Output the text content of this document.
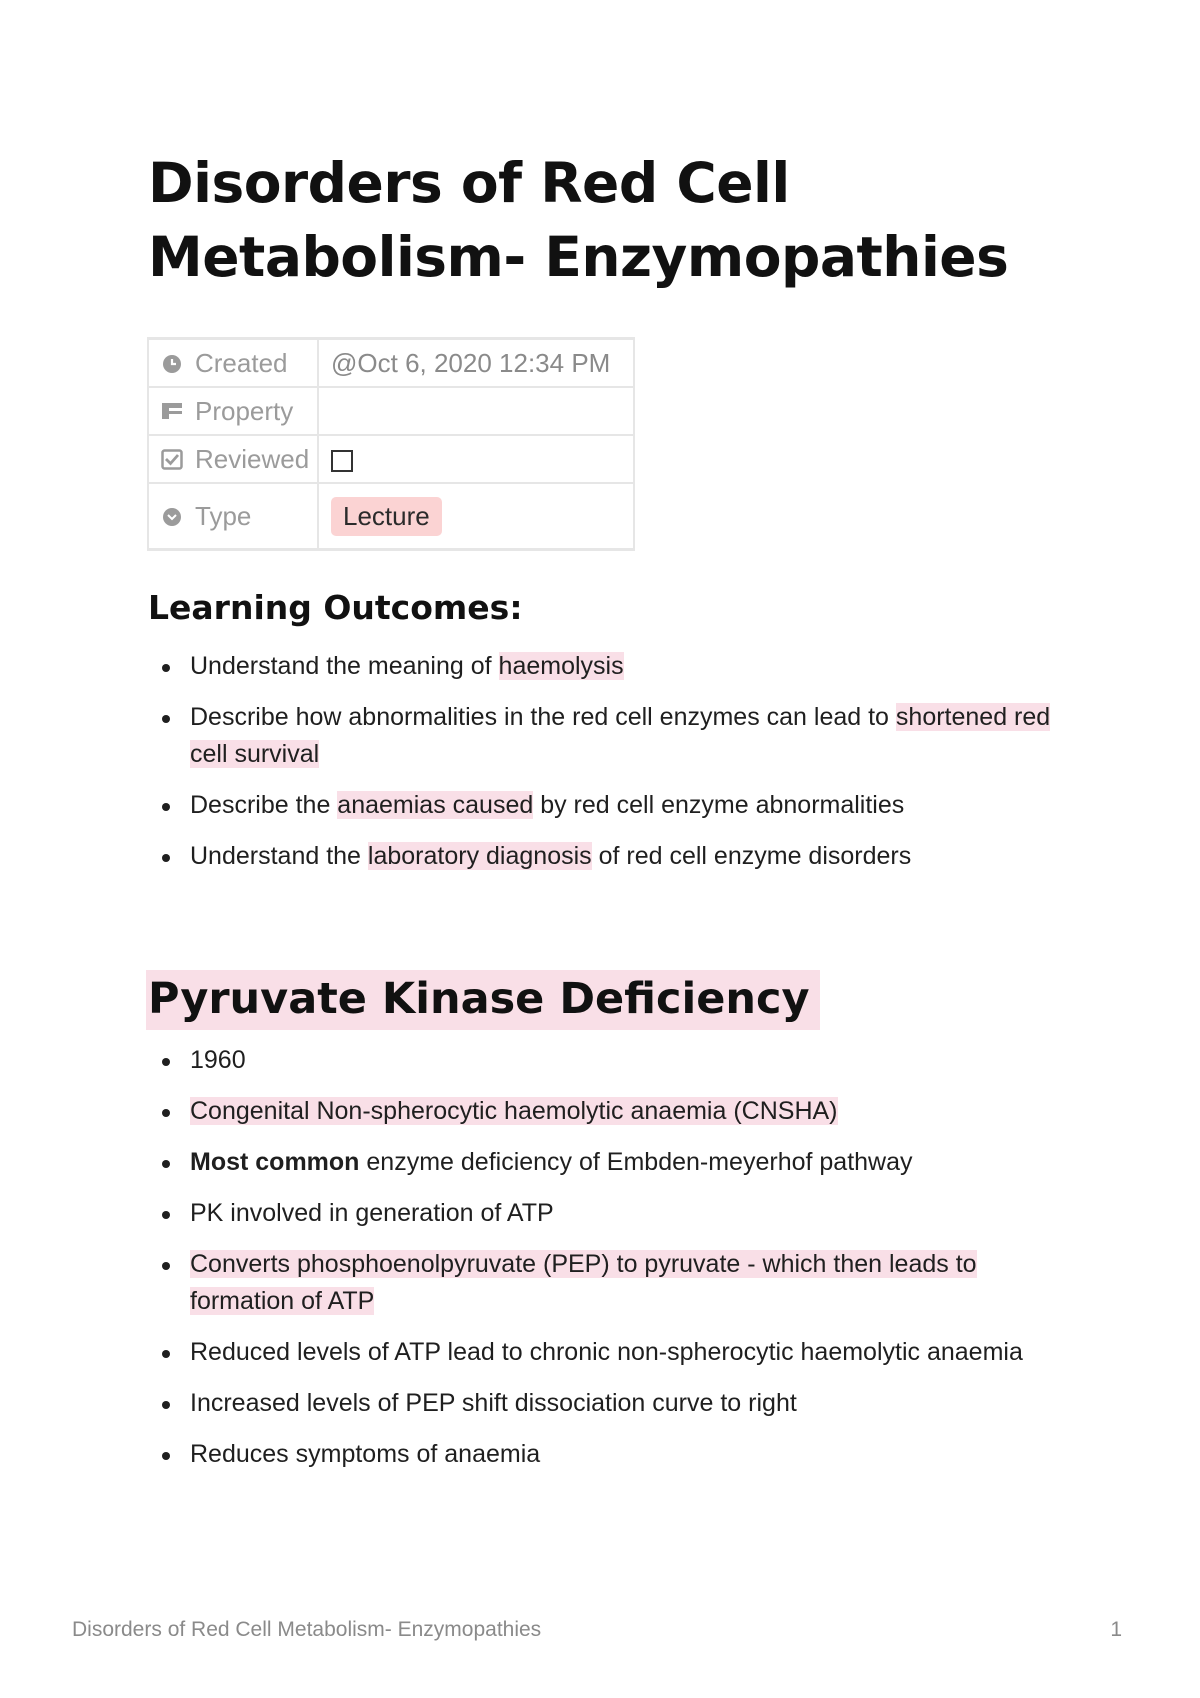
Disorders of Red Cell Metabolism- Enzymopathies
Created	@Oct 6, 2020 12:34 PM

Property	

Reviewed	

Type	Lecture
Learning Outcomes:
Understand the meaning of haemolysis
Describe how abnormalities in the red cell enzymes can lead to shortened red cell survival
Describe the anaemias caused by red cell enzyme abnormalities
Understand the laboratory diagnosis of red cell enzyme disorders
Pyruvate Kinase Deficiency
1960
Congenital Non-spherocytic haemolytic anaemia (CNSHA)
Most common enzyme deficiency of Embden-meyerhof pathway
PK involved in generation of ATP
Converts phosphoenolpyruvate (PEP) to pyruvate - which then leads to formation of ATP
Reduced levels of ATP lead to chronic non-spherocytic haemolytic anaemia
Increased levels of PEP shift dissociation curve to right
Reduces symptoms of anaemia
Disorders of Red Cell Metabolism- Enzymopathies	1
